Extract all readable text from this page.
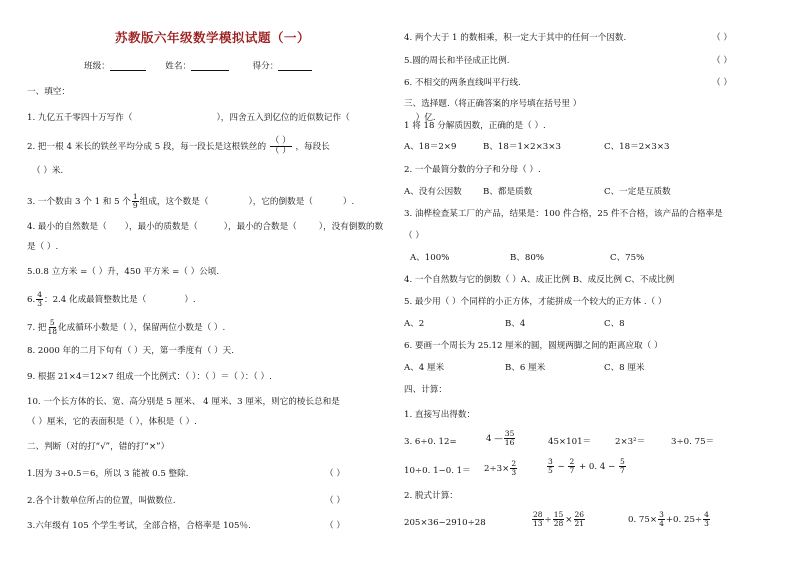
苏教版六年级数学模拟试题（一）
班级：	姓名：	得分：
一、填空：
1. 九亿五千零四十万写作（	），四舍五入到亿位的近似数记作（	）亿.
2. 把一根 4 米长的铁丝平均分成 5 段，每一段长是这根铁丝的 $\frac{( )}{( )}$ ，每段长
（ ）米.
3. 一个数由 3 个 1 和 5 个 $\frac{1}{9}$ 组成，这个数是（	），它的倒数是（	）.
4. 最小的自然数是（ ），最小的质数是（	），最小的合数是（	），没有倒数的数
是（ ）.
5.0.8 立方米 =（ ）升，450 平方米 =（ ）公顷.
6. $\frac{4}{3}$ ：2.4 化成最简整数比是（	）.
7. 把 $\frac{5}{18}$ 化成循环小数是（ ），保留两位小数是（ ）.
8. 2000 年的二月下旬有（ ）天，第一季度有（ ）天.
9. 根据 21×4＝12×7 组成一个比例式：（ ）：（ ）＝（ ）：（ ）.
10. 一个长方体的长、宽、高分别是 5 厘米、 4 厘米、3 厘米，则它的棱长总和是
（ ）厘米，它的表面积是（ ），体积是（ ）.
二、判断（对的打“√”，错的打“×”）
1.因为 3÷0.5＝6，所以 3 能被 0.5 整除.	（ ）
2.各个计数单位所占的位置，叫做数位.	（ ）
3.六年级有 105 个学生考试，全部合格，合格率是 105％.	（ ）
4. 两个大于 1 的数相乘，积一定大于其中的任何一个因数.	（ ）
5.圆的周长和半径成正比例.	（ ）
6. 不相交的两条直线叫平行线.	（ ）
三、选择题.（将正确答案的序号填在括号里 ）
1 将 18 分解质因数，正确的是（ ）.
A、18＝2×9	B、18＝1×2×3×3	C、18＝2×3×3
2. 一个最简分数的分子和分母（ ）.
A、没有公因数 B、都是质数	C、一定是互质数
3. 油桦检查某工厂的产品，结果是：100 件合格，25 件不合格，该产品的合格率是
（ ）
A、100%	B、80%	C、75%
4. 一个自然数与它的倒数（ ）A、成正比例 B、成反比例 C、不成比例
5. 最少用（ ）个同样的小正方体，才能拼成一个较大的正方体 .（ ）
A、2	B、4	C、8
6. 要画一个周长为 25.12 厘米的圆，圆规两脚之间的距离应取（ ）
A、4 厘米	B、6 厘米	C、8 厘米
四、计算：
1. 直接写出得数：
3. 6÷0. 12=	4 — $\frac{35}{16}$	45×101＝	2×3²＝	3÷0. 75＝
10÷0. 1−0. $1= 2\div 3\times \frac{2}{3}$	$\frac{3}{5} - \frac{2}{7} + 0$. $4 - \frac{5}{7}$
2. 脱式计算：
205×36−2910÷28	$\frac{28}{13} \div \frac{15}{28} \times \frac{26}{21}$	0. $75\times \frac{3}{4} +0$. $25\div \frac{4}{3}$
